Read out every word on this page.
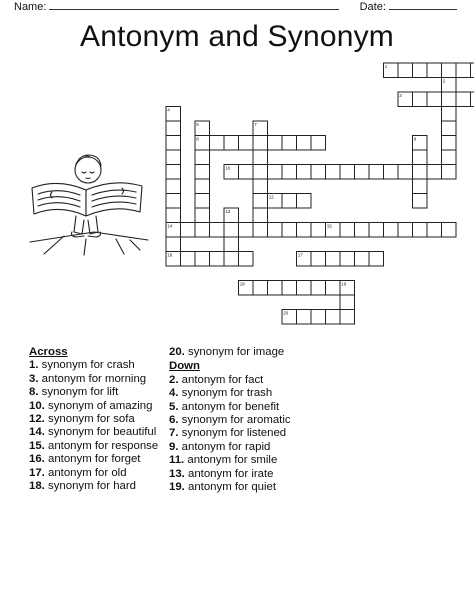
Name:	Date:
Antonym and Synonym
1
2
3
4
6	7
8	9
10
12
13
14	15
16	17
18	19
20
Across
1. synonym for crash
3. antonym for morning
8. synonym for lift
10. synonym of amazing
12. synonym for sofa
14. synonym for beautiful
15. antonym for response
16. antonym for forget
17. antonym for old
18. synonym for hard
20. synonym for image
Down
2. antonym for fact
4. synonym for trash
5. antonym for benefit
6. synonym for aromatic
7. synonym for listened
9. antonym for rapid
11. antonym for smile
13. antonym for irate
19. antonym for quiet
